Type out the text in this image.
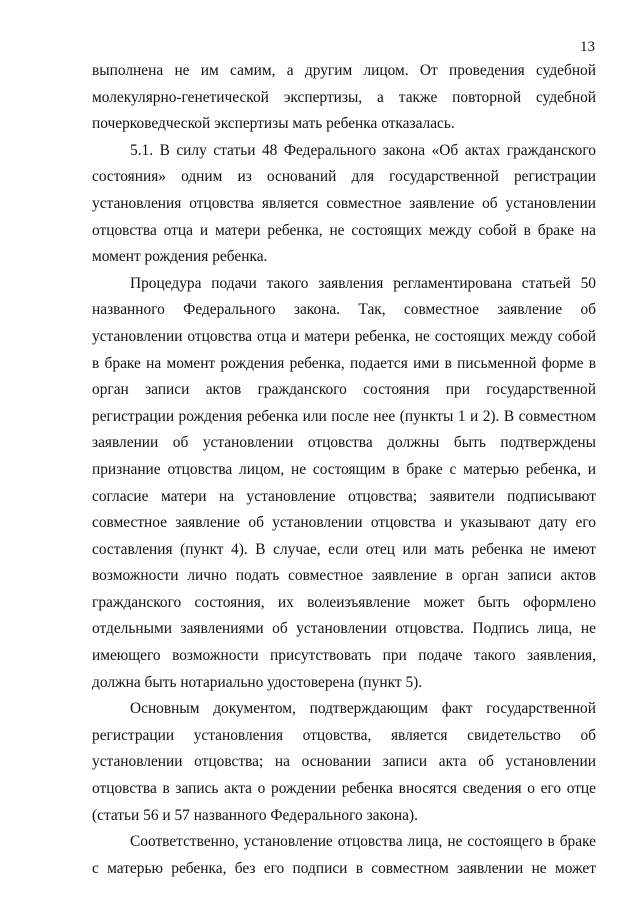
13
выполнена не им самим, а другим лицом. От проведения судебной
молекулярно-генетической экспертизы, а также повторной судебной
почерковедческой экспертизы мать ребенка отказалась.
5.1. В силу статьи 48 Федерального закона «Об актах гражданского
состояния» одним из оснований для государственной регистрации
установления отцовства является совместное заявление об установлении
отцовства отца и матери ребенка, не состоящих между собой в браке на
момент рождения ребенка.
Процедура подачи такого заявления регламентирована статьей 50
названного Федерального закона. Так, совместное заявление об
установлении отцовства отца и матери ребенка, не состоящих между собой
в браке на момент рождения ребенка, подается ими в письменной форме в
орган записи актов гражданского состояния при государственной
регистрации рождения ребенка или после нее (пункты 1 и 2). В совместном
заявлении об установлении отцовства должны быть подтверждены
признание отцовства лицом, не состоящим в браке с матерью ребенка, и
согласие матери на установление отцовства; заявители подписывают
совместное заявление об установлении отцовства и указывают дату его
составления (пункт 4). В случае, если отец или мать ребенка не имеют
возможности лично подать совместное заявление в орган записи актов
гражданского состояния, их волеизъявление может быть оформлено
отдельными заявлениями об установлении отцовства. Подпись лица, не
имеющего возможности присутствовать при подаче такого заявления,
должна быть нотариально удостоверена (пункт 5).
Основным документом, подтверждающим факт государственной
регистрации установления отцовства, является свидетельство об
установлении отцовства; на основании записи акта об установлении
отцовства в запись акта о рождении ребенка вносятся сведения о его отце
(статьи 56 и 57 названного Федерального закона).
Соответственно, установление отцовства лица, не состоящего в браке
с матерью ребенка, без его подписи в совместном заявлении не может
